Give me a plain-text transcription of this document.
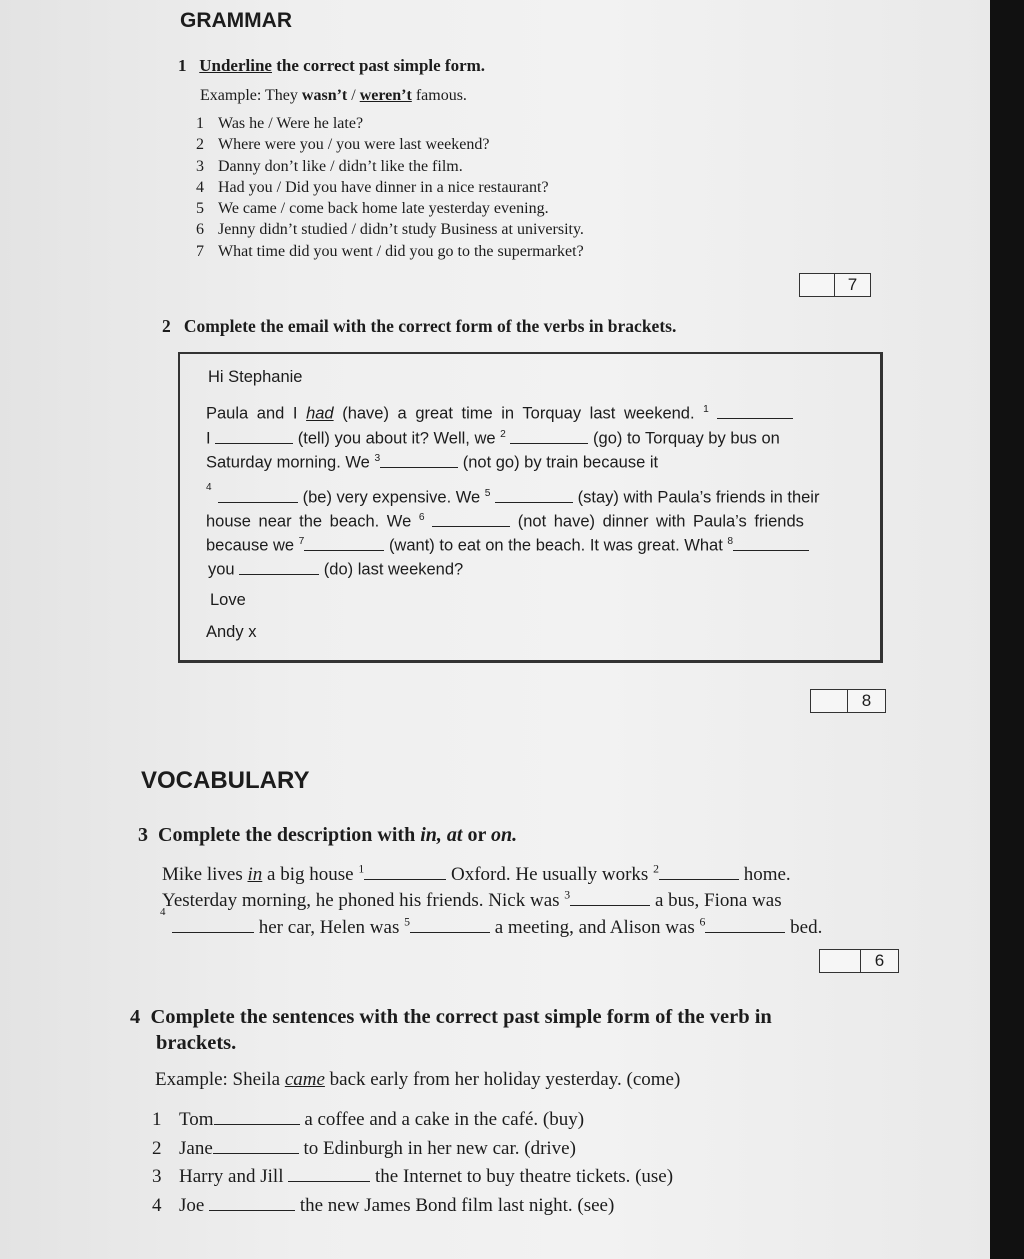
GRAMMAR
1 Underline the correct past simple form.
Example: They wasn’t / weren’t famous.
1 Was he / Were he late?
2 Where were you / you were last weekend?
3 Danny don’t like / didn’t like the film.
4 Had you / Did you have dinner in a nice restaurant?
5 We came / come back home late yesterday evening.
6 Jenny didn’t studied / didn’t study Business at university.
7 What time did you went / did you go to the supermarket?
7
2 Complete the email with the correct form of the verbs in brackets.
Hi Stephanie
Paula and I had (have) a great time in Torquay last weekend. $^1$
I	(tell) you about it? Well, we $^2$	(go) to Torquay by bus on
Saturday morning. We $^3$	(not go) by train because it
4
(be) very expensive. We $^5$	(stay) with Paula’s friends in their
house near the beach. We $^6$	(not have) dinner with Paula’s friends
because we $^7$	(want) to eat on the beach. It was great. What $^8$
you	(do) last weekend?
Love
Andy x
8
VOCABULARY
3 Complete the description with in, at or on.
Mike lives in a big house $^1$	Oxford. He usually works $^2$	home.
Yesterday morning, he phoned his friends. Nick was $^3$	a bus, Fiona was
4
her car, Helen was $^5$	a meeting, and Alison was $^6$	bed.
6
4 Complete the sentences with the correct past simple form of the verb in
brackets.
Example: Sheila came back early from her holiday yesterday. (come)
1 Tom	a coffee and a cake in the café. (buy)
2 Jane	to Edinburgh in her new car. (drive)
3 Harry and Jill	the Internet to buy theatre tickets. (use)
4 Joe	the new James Bond film last night. (see)
